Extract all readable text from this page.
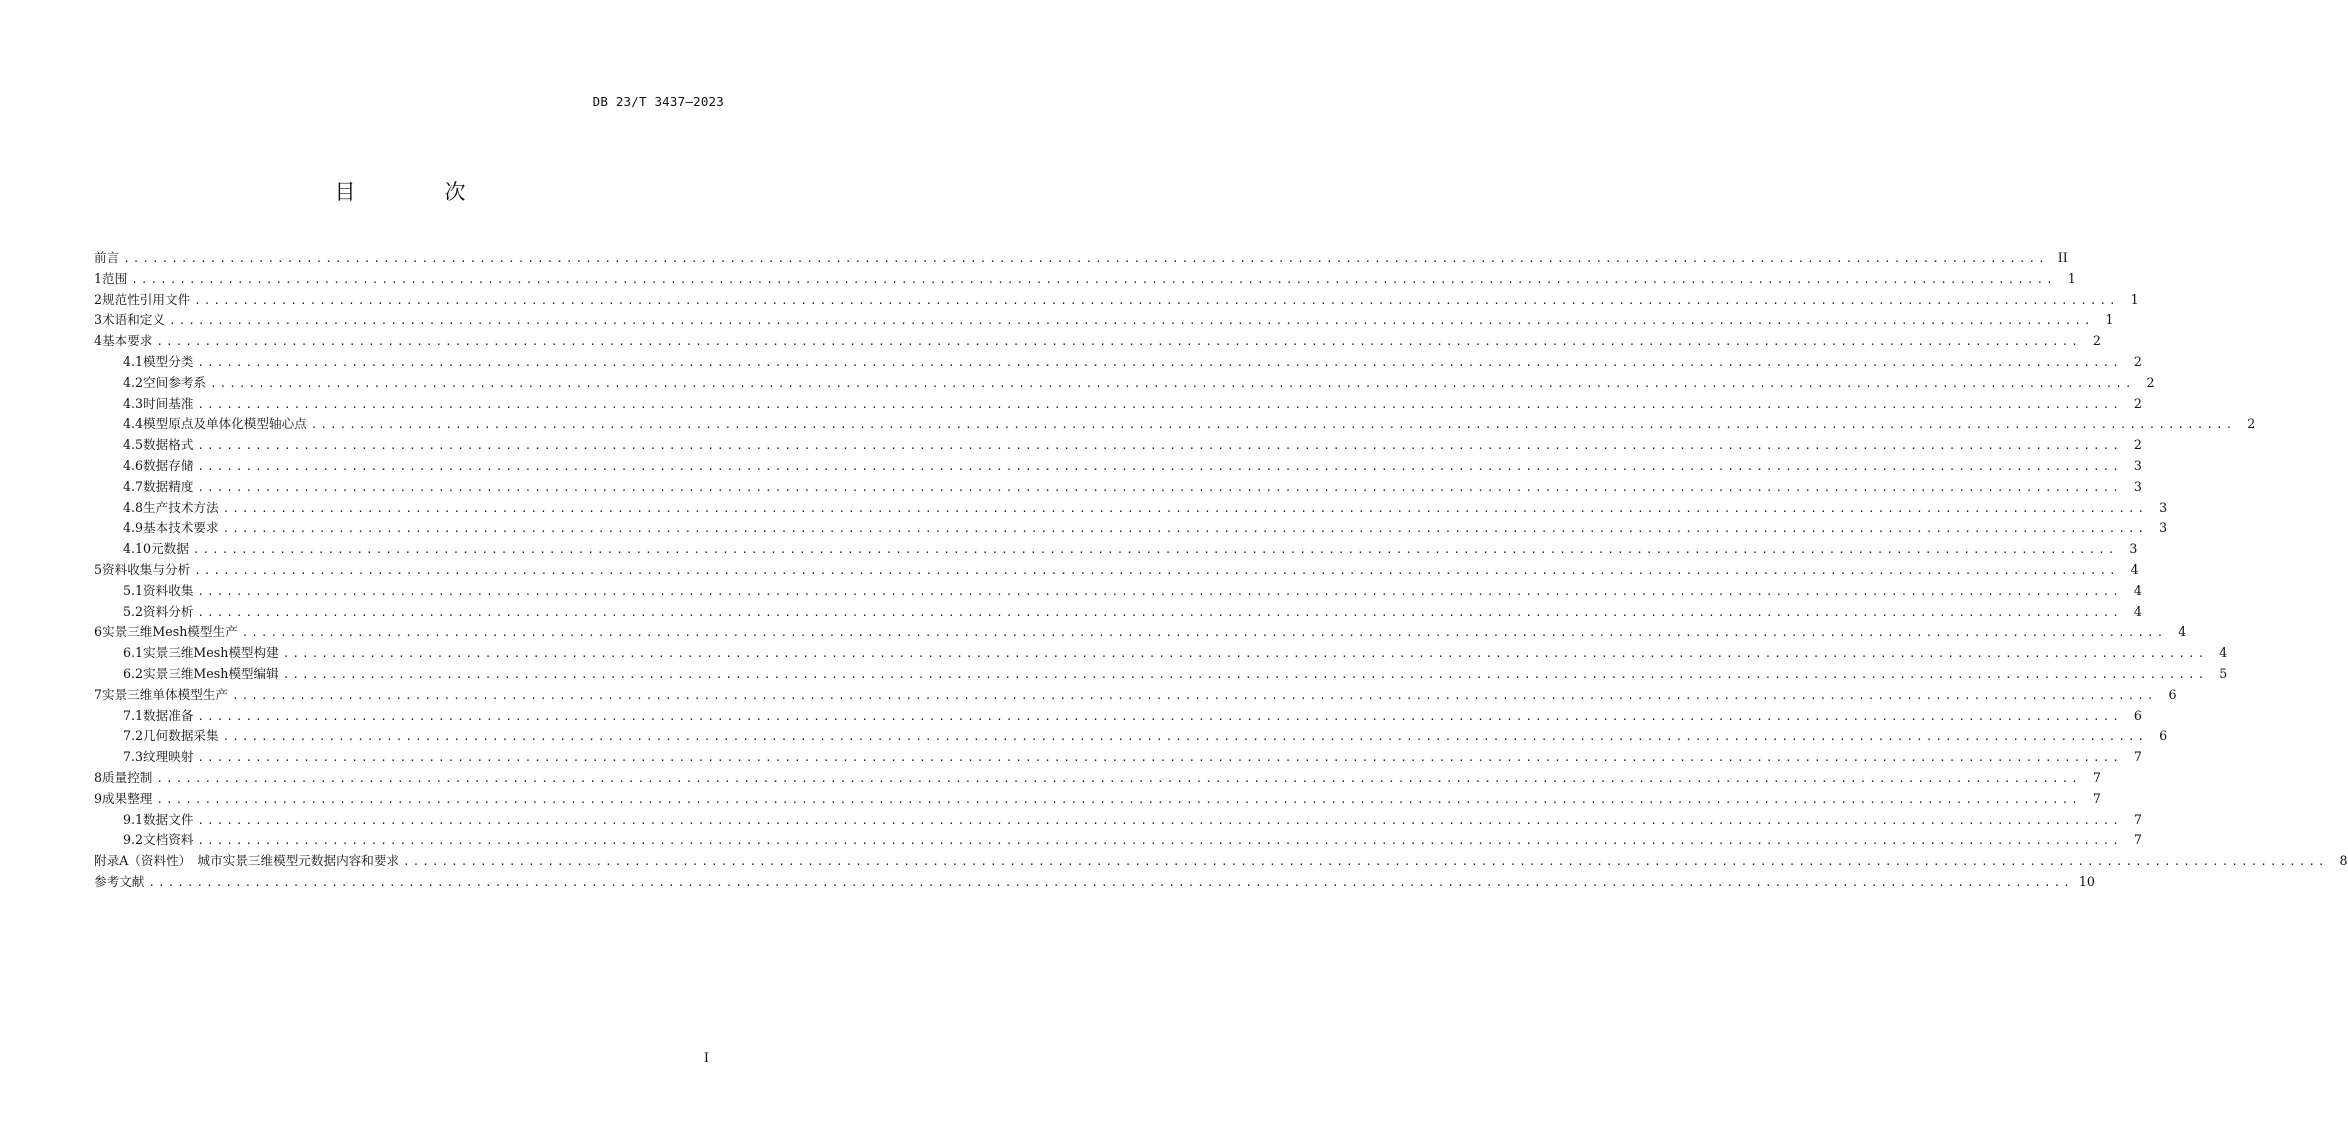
DB 23/T 3437—2023
目　次
前言 ........................................................................................................................................................................................................ II
1 范围 ........................................................................................................................................................................................................ 1
2 规范性引用文件 ........................................................................................................................................................................................................ 1
3 术语和定义 ........................................................................................................................................................................................................ 1
4 基本要求 ........................................................................................................................................................................................................ 2
4.1 模型分类 ........................................................................................................................................................................................................ 2
4.2 空间参考系 ........................................................................................................................................................................................................ 2
4.3 时间基准 ........................................................................................................................................................................................................ 2
4.4 模型原点及单体化模型轴心点 ........................................................................................................................................................................................................ 2
4.5 数据格式 ........................................................................................................................................................................................................ 2
4.6 数据存储 ........................................................................................................................................................................................................ 3
4.7 数据精度 ........................................................................................................................................................................................................ 3
4.8 生产技术方法 ........................................................................................................................................................................................................ 3
4.9 基本技术要求 ........................................................................................................................................................................................................ 3
4.10 元数据 ........................................................................................................................................................................................................ 3
5 资料收集与分析 ........................................................................................................................................................................................................ 4
5.1 资料收集 ........................................................................................................................................................................................................ 4
5.2 资料分析 ........................................................................................................................................................................................................ 4
6 实景三维Mesh模型生产 ........................................................................................................................................................................................................ 4
6.1 实景三维Mesh模型构建 ........................................................................................................................................................................................................ 4
6.2 实景三维Mesh模型编辑 ........................................................................................................................................................................................................ 5
7 实景三维单体模型生产 ........................................................................................................................................................................................................ 6
7.1 数据准备 ........................................................................................................................................................................................................ 6
7.2 几何数据采集 ........................................................................................................................................................................................................ 6
7.3 纹理映射 ........................................................................................................................................................................................................ 7
8 质量控制 ........................................................................................................................................................................................................ 7
9 成果整理 ........................................................................................................................................................................................................ 7
9.1 数据文件 ........................................................................................................................................................................................................ 7
9.2 文档资料 ........................................................................................................................................................................................................ 7
附录A（资料性）　城市实景三维模型元数据内容和要求 ........................................................................................................................................................................................................ 8
参考文献 ........................................................................................................................................................................................................ 10
I
